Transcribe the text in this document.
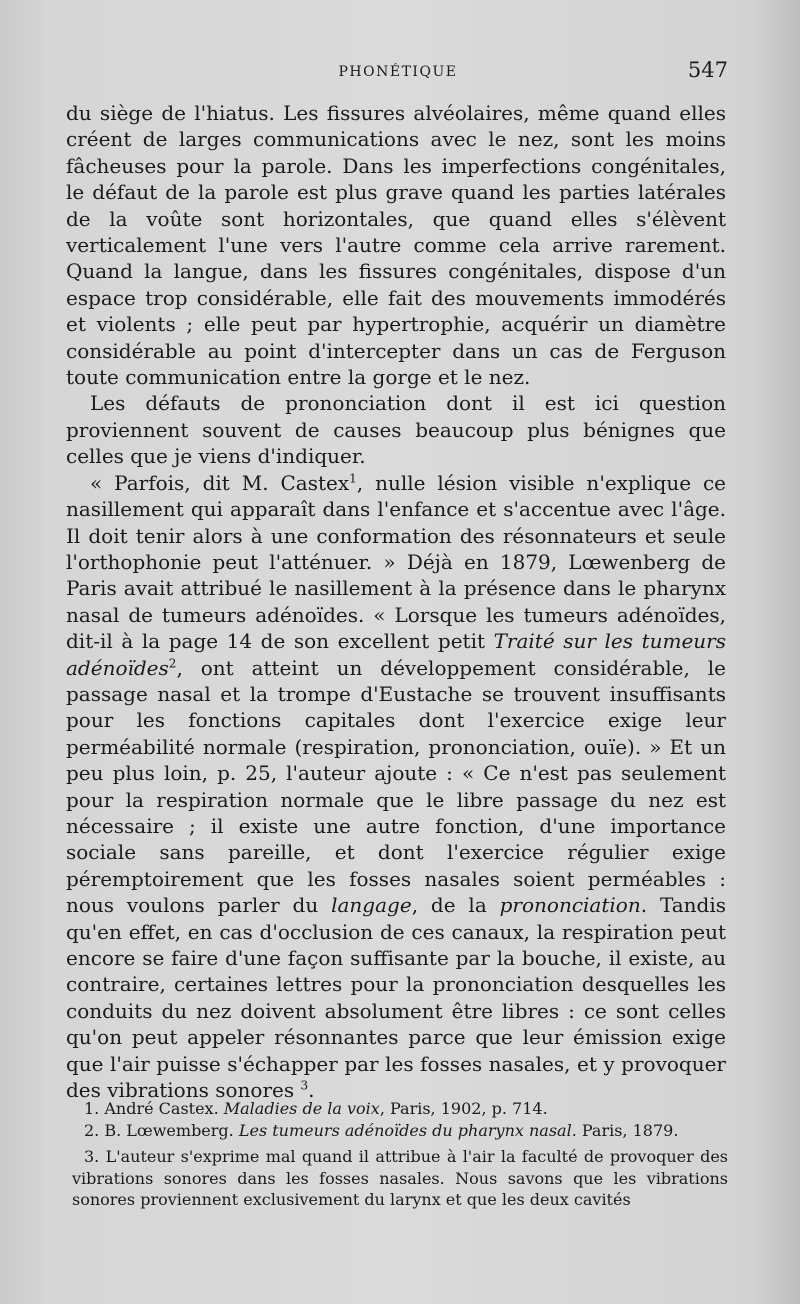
PHONÉTIQUE	547

du siège de l'hiatus. Les fissures alvéolaires, même quand elles créent de larges communications avec le nez, sont les moins fâcheuses pour la parole. Dans les imperfections congénitales, le défaut de la parole est plus grave quand les parties latérales de la voûte sont horizontales, que quand elles s'élèvent verticalement l'une vers l'autre comme cela arrive rarement. Quand la langue, dans les fissures congénitales, dispose d'un espace trop considérable, elle fait des mouvements immodérés et violents ; elle peut par hypertrophie, acquérir un diamètre considérable au point d'intercepter dans un cas de Ferguson toute communication entre la gorge et le nez.

Les défauts de prononciation dont il est ici question proviennent souvent de causes beaucoup plus bénignes que celles que je viens d'indiquer.

« Parfois, dit M. Castex$^1$, nulle lésion visible n'explique ce nasillement qui apparaît dans l'enfance et s'accentue avec l'âge. Il doit tenir alors à une conformation des résonnateurs et seule l'orthophonie peut l'atténuer. » Déjà en 1879, Lœwenberg de Paris avait attribué le nasillement à la présence dans le pharynx nasal de tumeurs adénoïdes. « Lorsque les tumeurs adénoïdes, dit-il à la page 14 de son excellent petit Traité sur les tumeurs adénoïdes$^2$, ont atteint un développement considérable, le passage nasal et la trompe d'Eustache se trouvent insuffisants pour les fonctions capitales dont l'exercice exige leur perméabilité normale (respiration, prononciation, ouïe). » Et un peu plus loin, p. 25, l'auteur ajoute : « Ce n'est pas seulement pour la respiration normale que le libre passage du nez est nécessaire ; il existe une autre fonction, d'une importance sociale sans pareille, et dont l'exercice régulier exige péremptoirement que les fosses nasales soient perméables : nous voulons parler du langage, de la prononciation. Tandis qu'en effet, en cas d'occlusion de ces canaux, la respiration peut encore se faire d'une façon suffisante par la bouche, il existe, au contraire, certaines lettres pour la prononciation desquelles les conduits du nez doivent absolument être libres : ce sont celles qu'on peut appeler résonnantes parce que leur émission exige que l'air puisse s'échapper par les fosses nasales, et y provoquer des vibrations sonores $^3$.

1. André Castex. Maladies de la voix, Paris, 1902, p. 714.

2. B. Lœwemberg. Les tumeurs adénoïdes du pharynx nasal. Paris, 1879.

3. L'auteur s'exprime mal quand il attribue à l'air la faculté de provoquer des vibrations sonores dans les fosses nasales. Nous savons que les vibrations sonores proviennent exclusivement du larynx et que les deux cavités
